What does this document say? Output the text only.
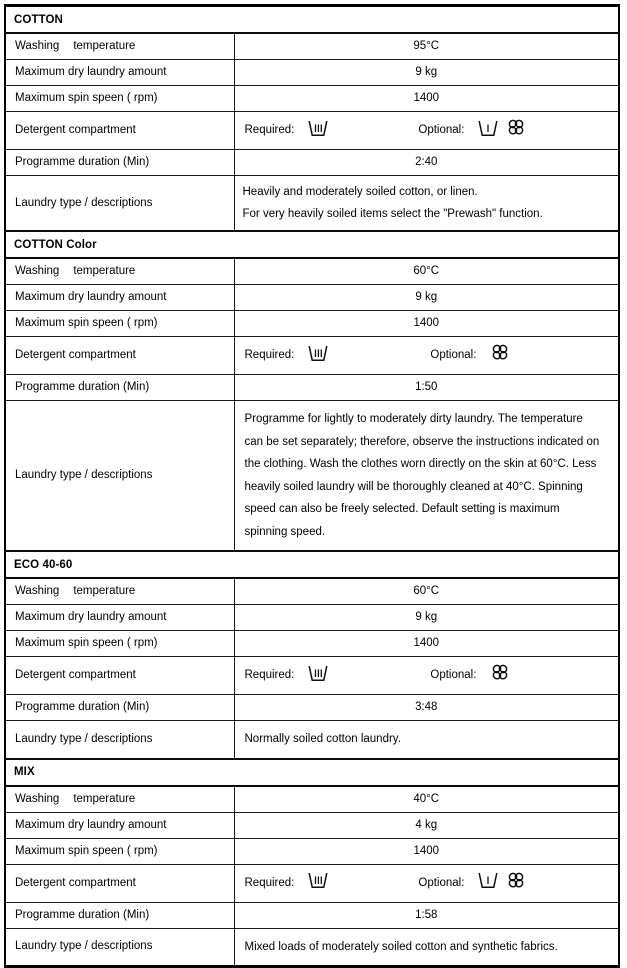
COTTON	

Washing temperature	95°C
Maximum dry laundry amount	9 kg
Maximum spin speen ( rpm)	1400
Detergent compartment	Required: Optional:

Programme duration (Min)	2:40
Laundry type / descriptions	Heavily and moderately soiled cotton, or linen.
For very heavily soiled items select the "Prewash" function.

COTTON Color	

Washing temperature	60°C
Maximum dry laundry amount	9 kg
Maximum spin speen ( rpm)	1400
Detergent compartment	Required: Optional:

Programme duration (Min)	1:50
Laundry type / descriptions	Programme for lightly to moderately dirty laundry. The temperature can be set separately; therefore, observe the instructions indicated on the clothing. Wash the clothes worn directly on the skin at 60°C. Less heavily soiled laundry will be thoroughly cleaned at 40°C. Spinning speed can also be freely selected. Default setting is maximum spinning speed.

ECO 40-60	

Washing temperature	60°C
Maximum dry laundry amount	9 kg
Maximum spin speen ( rpm)	1400
Detergent compartment	Required: Optional:

Programme duration (Min)	3:48
Laundry type / descriptions	Normally soiled cotton laundry.

MIX	

Washing temperature	40°C
Maximum dry laundry amount	4 kg
Maximum spin speen ( rpm)	1400
Detergent compartment	Required: Optional:

Programme duration (Min)	1:58
Laundry type / descriptions	Mixed loads of moderately soiled cotton and synthetic fabrics.
